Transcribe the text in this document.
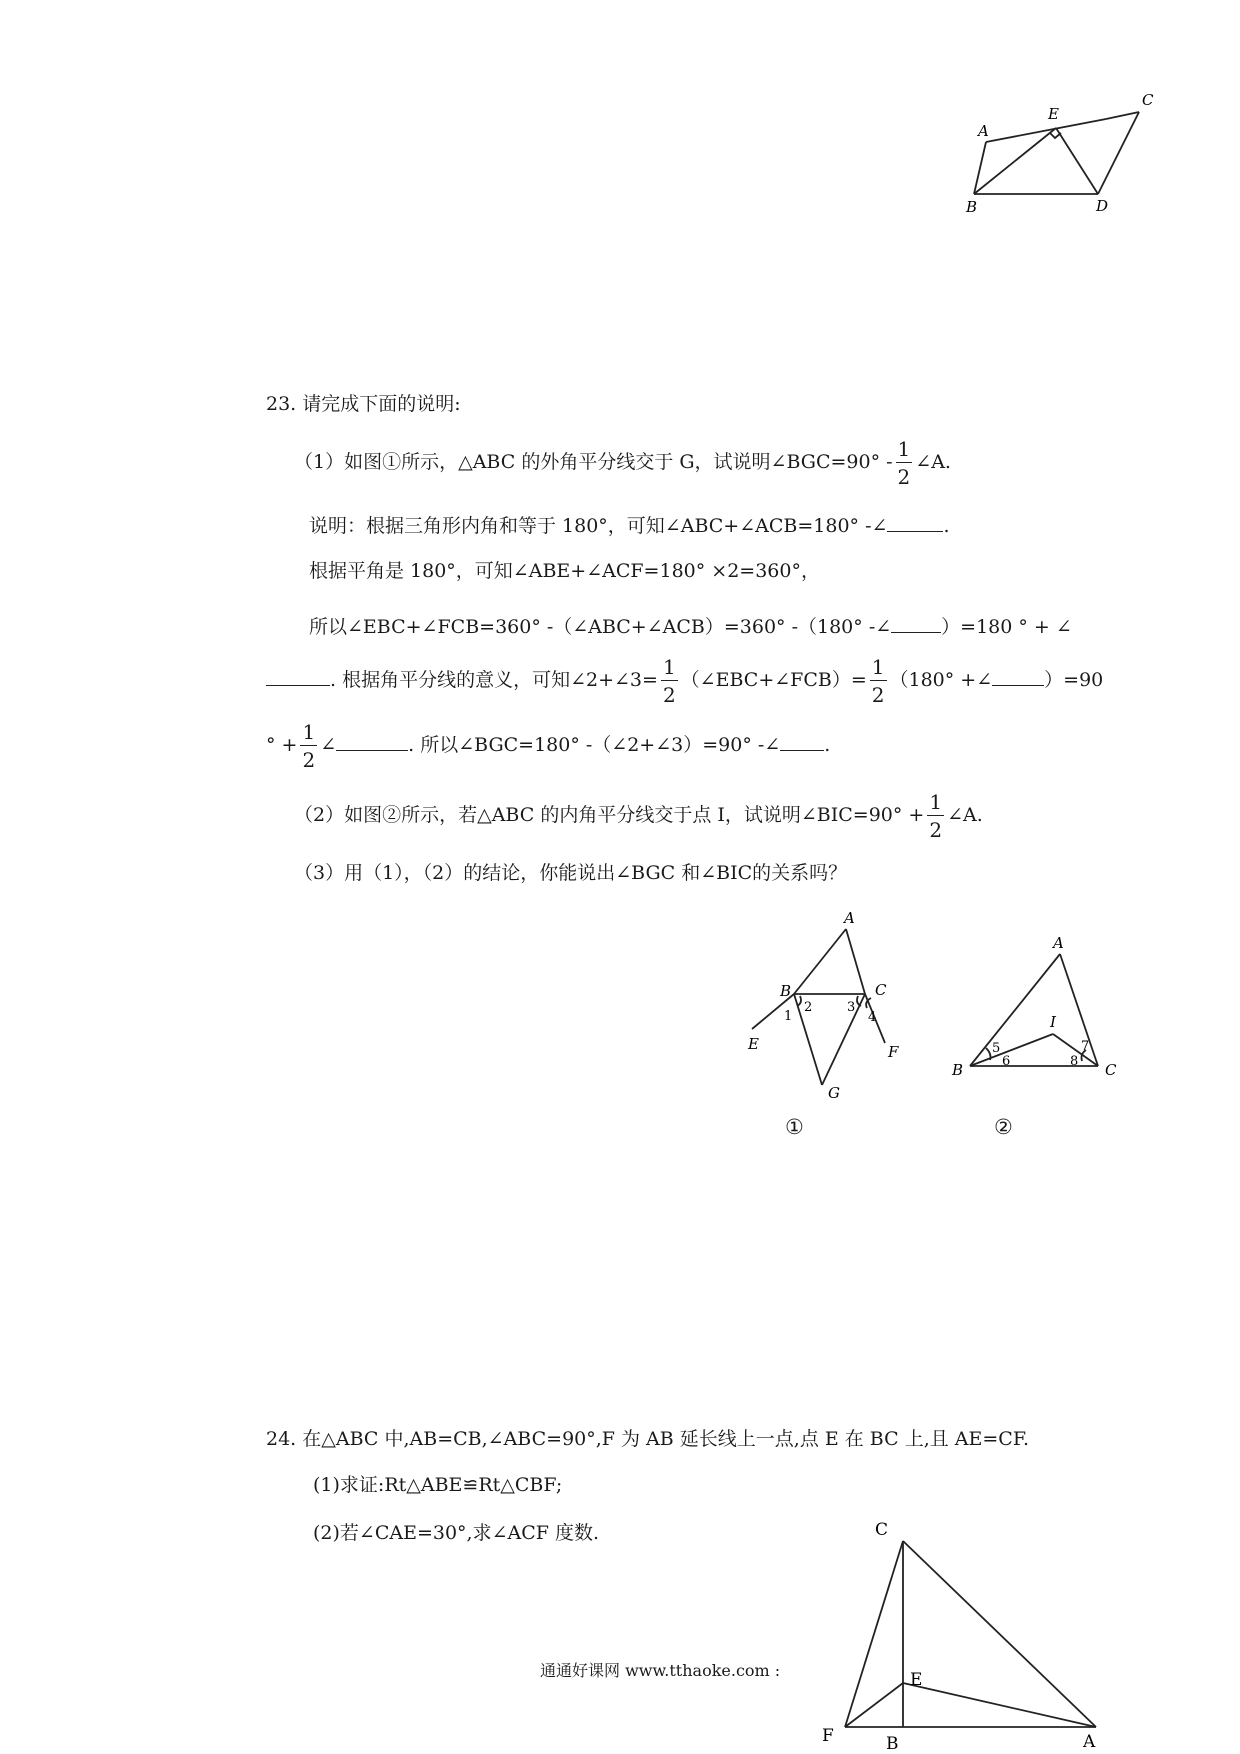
A
E
C
B	D
23. 请完成下面的说明:
（1）如图①所示，△ABC 的外角平分线交于 G，试说明∠BGC=90° - $\frac{1}{2}$ ∠A.
说明：根据三角形内角和等于 180°，可知∠ABC+∠ACB=180° -∠	.
根据平角是 180°，可知∠ABE+∠ACF=180° ×2=360°，
所以∠EBC+∠FCB=360° -（∠ABC+∠ACB）=360° -（180° -∠	）=180 ° + ∠
. 根据角平分线的意义，可知∠2+∠3= $\frac{1}{2}$ （∠EBC+∠FCB）= $\frac{1}{2} (180^\circ$ +∠	）=90
° + $\frac{1}{2}$ ∠	. 所以∠BGC=180° -（∠2+∠3）=90° -∠ .
（2）如图②所示，若△ABC 的内角平分线交于点 I，试说明∠BIC=90° + $\frac{1}{2}$ ∠A.
（3）用（1），（2）的结论，你能说出∠BGC 和∠BIC的关系吗？
A
B	C
E	F
G
1
2	3
4
①
A
B	C
I
5
6
7
8
②
24. 在△ABC 中,AB=CB,∠ABC=90°,F 为 AB 延长线上一点,点 E 在 BC 上,且 AE=CF.
(1)求证:Rt△ABE≌Rt△CBF;
(2)若∠CAE=30°,求∠ACF 度数.	C
E
F	B	A
通通好课网 www.tthaoke.com :
